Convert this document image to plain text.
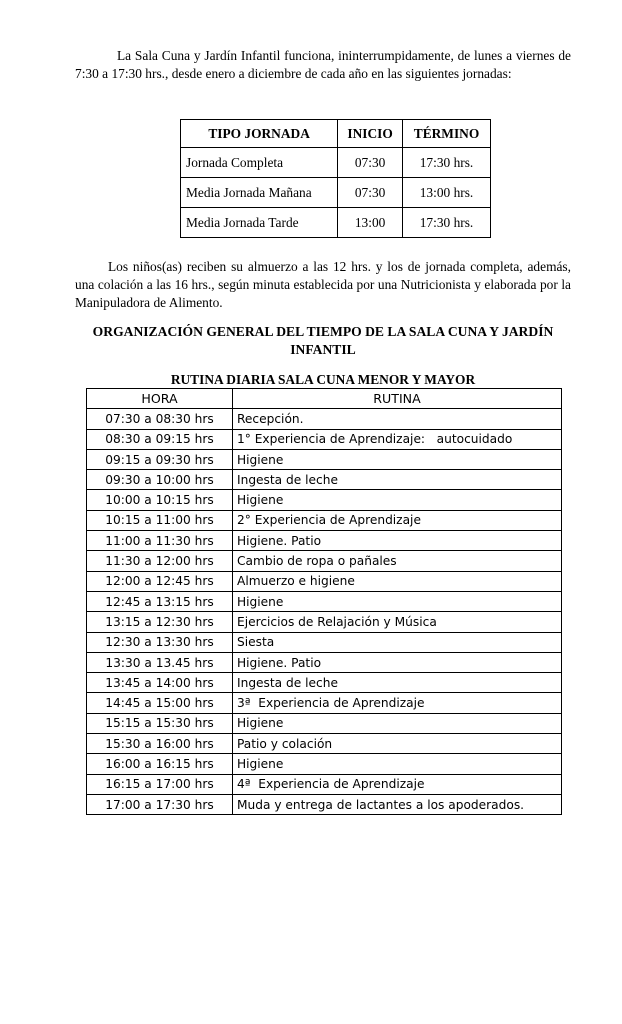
La Sala Cuna y Jardín Infantil funciona, ininterrumpidamente, de lunes a viernes de 7:30 a 17:30 hrs., desde enero a diciembre de cada año en las siguientes jornadas:

TIPO JORNADA	INICIO	TÉRMINO
Jornada Completa	07:30	17:30 hrs.
Media Jornada Mañana	07:30	13:00 hrs.
Media Jornada Tarde	13:00	17:30 hrs.

Los niños(as) reciben su almuerzo a las 12 hrs. y los de jornada completa, además, una colación a las 16 hrs., según minuta establecida por una Nutricionista y elaborada por la Manipuladora de Alimento.

ORGANIZACIÓN GENERAL DEL TIEMPO DE LA SALA CUNA Y JARDÍN INFANTIL
RUTINA DIARIA SALA CUNA MENOR Y MAYOR
HORA	RUTINA
07:30 a 08:30 hrs	Recepción.
08:30 a 09:15 hrs	1° Experiencia de Aprendizaje:   autocuidado
09:15 a 09:30 hrs	Higiene
09:30 a 10:00 hrs	Ingesta de leche
10:00 a 10:15 hrs	Higiene
10:15 a 11:00 hrs	2° Experiencia de Aprendizaje
11:00 a 11:30 hrs	Higiene. Patio
11:30 a 12:00 hrs	Cambio de ropa o pañales
12:00 a 12:45 hrs	Almuerzo e higiene
12:45 a 13:15 hrs	Higiene
13:15 a 12:30 hrs	Ejercicios de Relajación y Música
12:30 a 13:30 hrs	Siesta
13:30 a 13.45 hrs	Higiene. Patio
13:45 a 14:00 hrs	Ingesta de leche
14:45 a 15:00 hrs	3ª  Experiencia de Aprendizaje
15:15 a 15:30 hrs	Higiene
15:30 a 16:00 hrs	Patio y colación
16:00 a 16:15 hrs	Higiene
16:15 a 17:00 hrs	4ª  Experiencia de Aprendizaje
17:00 a 17:30 hrs	Muda y entrega de lactantes a los apoderados.
